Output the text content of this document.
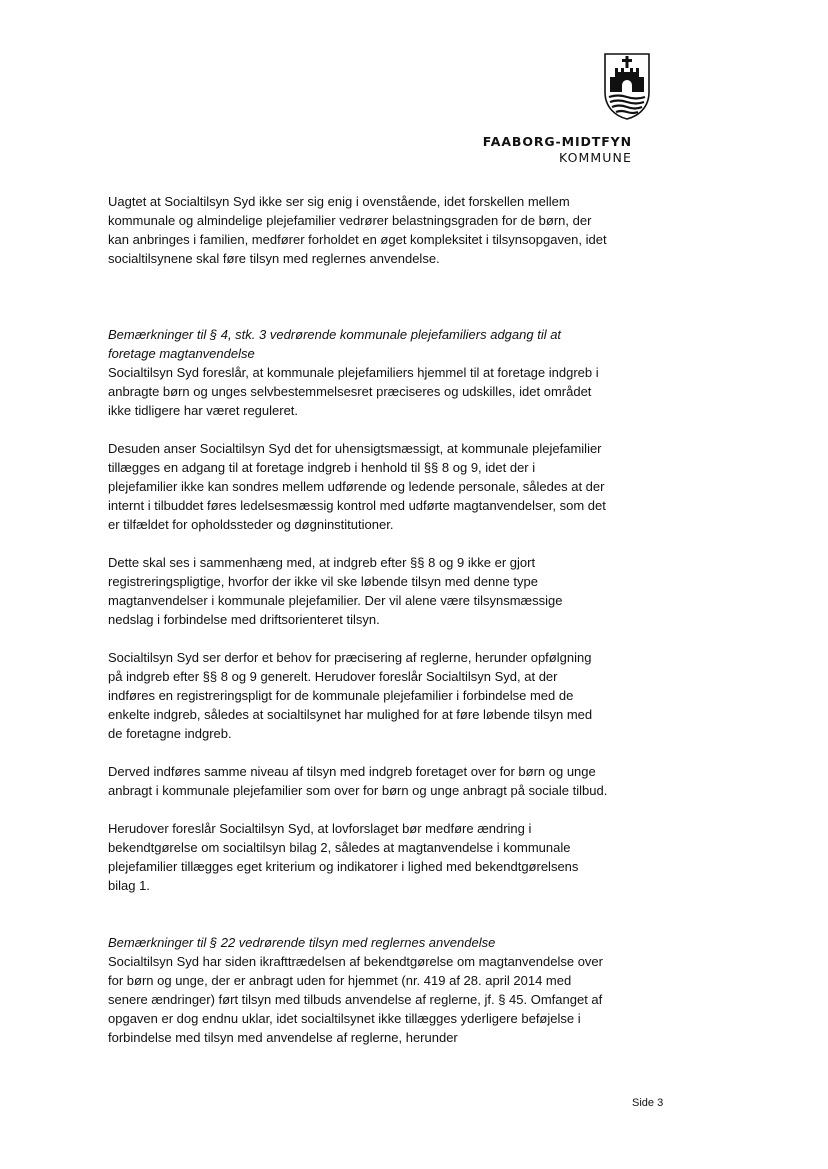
FAABORG-MIDTFYN
KOMMUNE

Uagtet at Socialtilsyn Syd ikke ser sig enig i ovenstående, idet forskellen mellem kommunale og almindelige plejefamilier vedrører belastningsgraden for de børn, der kan anbringes i familien, medfører forholdet en øget kompleksitet i tilsynsopgaven, idet socialtilsynene skal føre tilsyn med reglernes anvendelse.

Bemærkninger til § 4, stk. 3 vedrørende kommunale plejefamiliers adgang til at foretage magtanvendelse

Socialtilsyn Syd foreslår, at kommunale plejefamiliers hjemmel til at foretage indgreb i anbragte børn og unges selvbestemmelsesret præciseres og udskilles, idet området ikke tidligere har været reguleret.

Desuden anser Socialtilsyn Syd det for uhensigtsmæssigt, at kommunale plejefamilier tillægges en adgang til at foretage indgreb i henhold til §§ 8 og 9, idet der i plejefamilier ikke kan sondres mellem udførende og ledende personale, således at der internt i tilbuddet føres ledelsesmæssig kontrol med udførte magtanvendelser, som det er tilfældet for opholdssteder og døgninstitutioner.

Dette skal ses i sammenhæng med, at indgreb efter §§ 8 og 9 ikke er gjort registreringspligtige, hvorfor der ikke vil ske løbende tilsyn med denne type magtanvendelser i kommunale plejefamilier. Der vil alene være tilsynsmæssige nedslag i forbindelse med driftsorienteret tilsyn.

Socialtilsyn Syd ser derfor et behov for præcisering af reglerne, herunder opfølgning på indgreb efter §§ 8 og 9 generelt. Herudover foreslår Socialtilsyn Syd, at der indføres en registreringspligt for de kommunale plejefamilier i forbindelse med de enkelte indgreb, således at socialtilsynet har mulighed for at føre løbende tilsyn med de foretagne indgreb.

Derved indføres samme niveau af tilsyn med indgreb foretaget over for børn og unge anbragt i kommunale plejefamilier som over for børn og unge anbragt på sociale tilbud.

Herudover foreslår Socialtilsyn Syd, at lovforslaget bør medføre ændring i bekendtgørelse om socialtilsyn bilag 2, således at magtanvendelse i kommunale plejefamilier tillægges eget kriterium og indikatorer i lighed med bekendtgørelsens bilag 1.

Bemærkninger til § 22 vedrørende tilsyn med reglernes anvendelse

Socialtilsyn Syd har siden ikrafttrædelsen af bekendtgørelse om magtanvendelse over for børn og unge, der er anbragt uden for hjemmet (nr. 419 af 28. april 2014 med senere ændringer) ført tilsyn med tilbuds anvendelse af reglerne, jf. § 45. Omfanget af opgaven er dog endnu uklar, idet socialtilsynet ikke tillægges yderligere beføjelse i forbindelse med tilsyn med anvendelse af reglerne, herunder

Side 3
